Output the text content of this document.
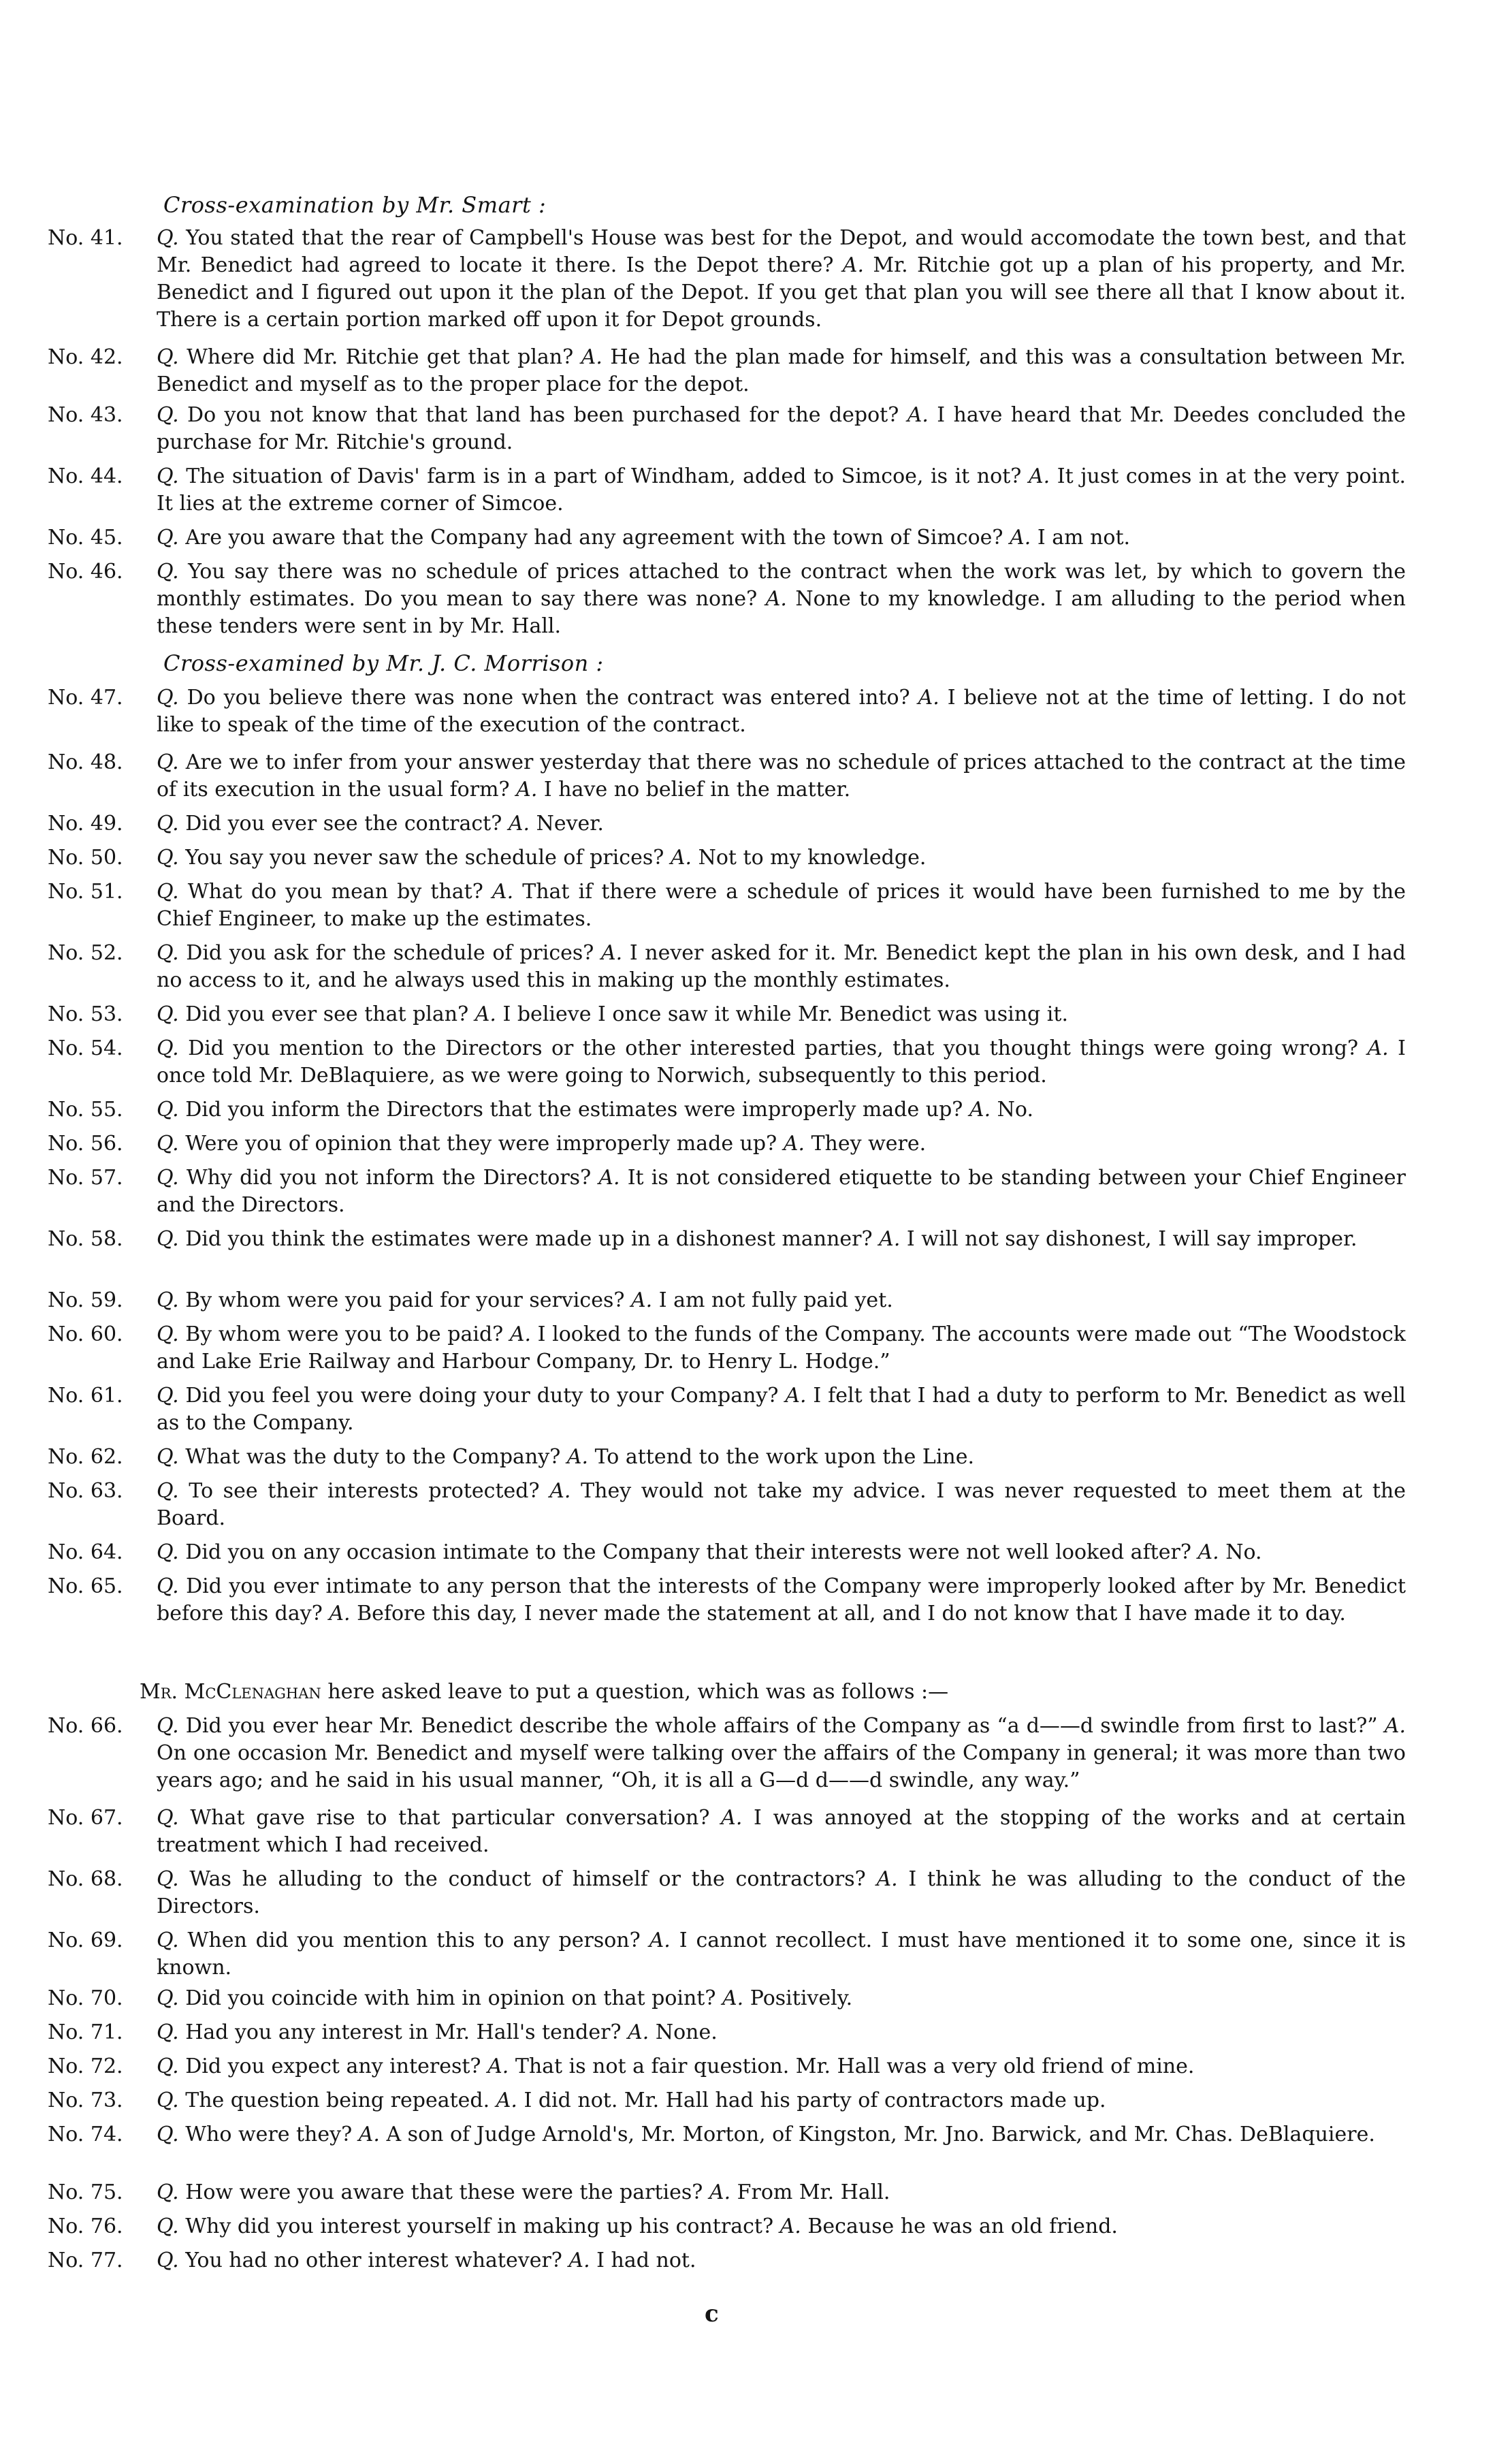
Cross-examination by Mr. Smart :
Cross-examined by Mr. J. C. Morrison :
Mr. McClenaghan here asked leave to put a question, which was as follows :—
c
No. 41.	Q. You stated that the rear of Campbell's House was best for the Depot, and would accomodate the town best, and that Mr. Benedict had agreed to locate it there. Is the Depot there? A. Mr. Ritchie got up a plan of his property, and Mr. Benedict and I figured out upon it the plan of the Depot. If you get that plan you will see there all that I know about it. There is a certain portion marked off upon it for Depot grounds.
No. 42.	Q. Where did Mr. Ritchie get that plan? A. He had the plan made for himself, and this was a consultation between Mr. Benedict and myself as to the proper place for the depot.
No. 43.	Q. Do you not know that that land has been purchased for the depot? A. I have heard that Mr. Deedes concluded the purchase for Mr. Ritchie's ground.
No. 44.	Q. The situation of Davis' farm is in a part of Windham, added to Simcoe, is it not? A. It just comes in at the very point. It lies at the extreme corner of Simcoe.
No. 45.	Q. Are you aware that the Company had any agreement with the town of Simcoe? A. I am not.
No. 46.	Q. You say there was no schedule of prices attached to the contract when the work was let, by which to govern the monthly estimates. Do you mean to say there was none? A. None to my knowledge. I am alluding to the period when these tenders were sent in by Mr. Hall.
No. 47.	Q. Do you believe there was none when the contract was entered into? A. I believe not at the time of letting. I do not like to speak of the time of the execution of the contract.
No. 48.	Q. Are we to infer from your answer yesterday that there was no schedule of prices attached to the contract at the time of its execution in the usual form? A. I have no belief in the matter.
No. 49.	Q. Did you ever see the contract? A. Never.
No. 50.	Q. You say you never saw the schedule of prices? A. Not to my knowledge.
No. 51.	Q. What do you mean by that? A. That if there were a schedule of prices it would have been furnished to me by the Chief Engineer, to make up the estimates.
No. 52.	Q. Did you ask for the schedule of prices? A. I never asked for it. Mr. Benedict kept the plan in his own desk, and I had no access to it, and he always used this in making up the monthly estimates.
No. 53.	Q. Did you ever see that plan? A. I believe I once saw it while Mr. Benedict was using it.
No. 54.	Q. Did you mention to the Directors or the other interested parties, that you thought things were going wrong? A. I once told Mr. DeBlaquiere, as we were going to Norwich, subsequently to this period.
No. 55.	Q. Did you inform the Directors that the estimates were improperly made up? A. No.
No. 56.	Q. Were you of opinion that they were improperly made up? A. They were.
No. 57.	Q. Why did you not inform the Directors? A. It is not considered etiquette to be standing between your Chief Engineer and the Directors.
No. 58.	Q. Did you think the estimates were made up in a dishonest manner? A. I will not say dishonest, I will say improper.
No. 59.	Q. By whom were you paid for your services? A. I am not fully paid yet.
No. 60.	Q. By whom were you to be paid? A. I looked to the funds of the Company. The accounts were made out “The Woodstock and Lake Erie Railway and Harbour Company, Dr. to Henry L. Hodge.”
No. 61.	Q. Did you feel you were doing your duty to your Company? A. I felt that I had a duty to perform to Mr. Benedict as well as to the Company.
No. 62.	Q. What was the duty to the Company? A. To attend to the work upon the Line.
No. 63.	Q. To see their interests protected? A. They would not take my advice. I was never requested to meet them at the Board.
No. 64.	Q. Did you on any occasion intimate to the Company that their interests were not well looked after? A. No.
No. 65.	Q. Did you ever intimate to any person that the interests of the Company were improperly looked after by Mr. Benedict before this day? A. Before this day, I never made the statement at all, and I do not know that I have made it to day.
No. 66.	Q. Did you ever hear Mr. Benedict describe the whole affairs of the Company as “a d——d swindle from first to last?” A. On one occasion Mr. Benedict and myself were talking over the affairs of the Company in general; it was more than two years ago; and he said in his usual manner, “Oh, it is all a G—d d——d swindle, any way.”
No. 67.	Q. What gave rise to that particular conversation? A. I was annoyed at the stopping of the works and at certain treatment which I had received.
No. 68.	Q. Was he alluding to the conduct of himself or the contractors? A. I think he was alluding to the conduct of the Directors.
No. 69.	Q. When did you mention this to any person? A. I cannot recollect. I must have mentioned it to some one, since it is known.
No. 70.	Q. Did you coincide with him in opinion on that point? A. Positively.
No. 71.	Q. Had you any interest in Mr. Hall's tender? A. None.
No. 72.	Q. Did you expect any interest? A. That is not a fair question. Mr. Hall was a very old friend of mine.
No. 73.	Q. The question being repeated. A. I did not. Mr. Hall had his party of contractors made up.
No. 74.	Q. Who were they? A. A son of Judge Arnold's, Mr. Morton, of Kingston, Mr. Jno. Barwick, and Mr. Chas. DeBlaquiere.
No. 75.	Q. How were you aware that these were the parties? A. From Mr. Hall.
No. 76.	Q. Why did you interest yourself in making up his contract? A. Because he was an old friend.
No. 77.	Q. You had no other interest whatever? A. I had not.
